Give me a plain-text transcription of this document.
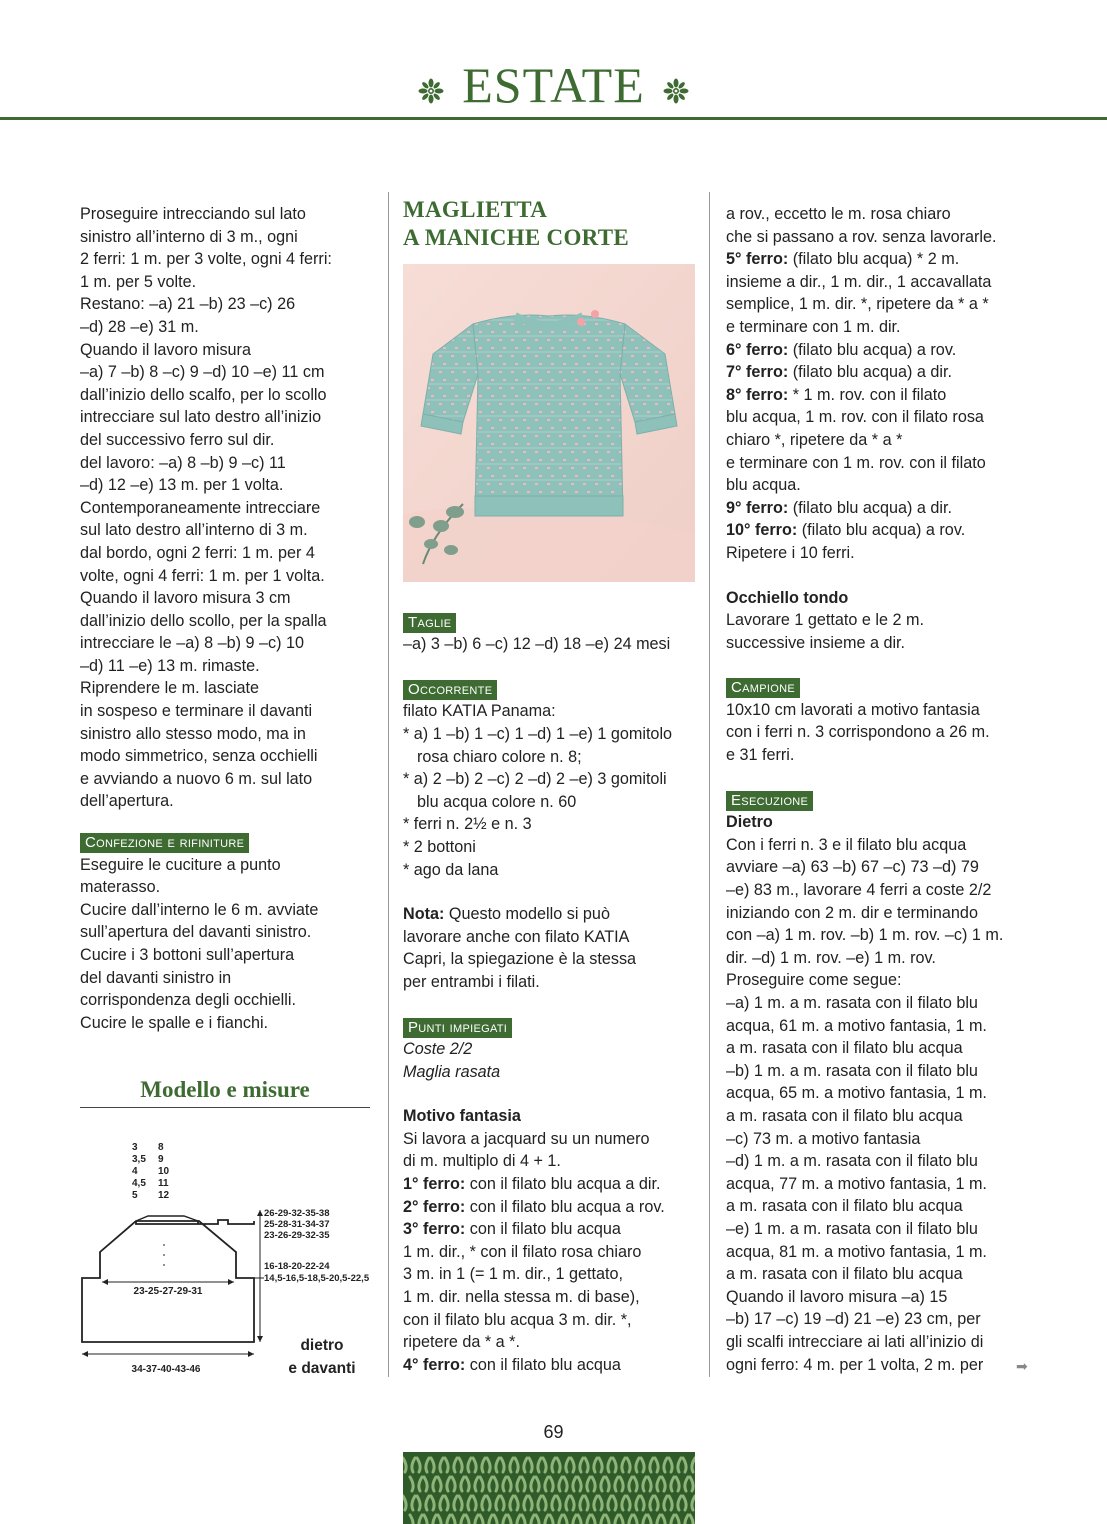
ESTATE

Proseguire intrecciando sul lato

sinistro all’interno di 3 m., ogni

2 ferri: 1 m. per 3 volte, ogni 4 ferri:

1 m. per 5 volte.

Restano: –a) 21 –b) 23 –c) 26

–d) 28 –e) 31 m.

Quando il lavoro misura

–a) 7 –b) 8 –c) 9 –d) 10 –e) 11 cm

dall’inizio dello scalfo, per lo scollo

intrecciare sul lato destro all’inizio

del successivo ferro sul dir.

del lavoro: –a) 8 –b) 9 –c) 11

–d) 12 –e) 13 m. per 1 volta.

Contemporaneamente intrecciare

sul lato destro all’interno di 3 m.

dal bordo, ogni 2 ferri: 1 m. per 4

volte, ogni 4 ferri: 1 m. per 1 volta.

Quando il lavoro misura 3 cm

dall’inizio dello scollo, per la spalla

intrecciare le –a) 8 –b) 9 –c) 10

–d) 11 –e) 13 m. rimaste.

Riprendere le m. lasciate

in sospeso e terminare il davanti

sinistro allo stesso modo, ma in

modo simmetrico, senza occhielli

e avviando a nuovo 6 m. sul lato

dell’apertura.

Confezione e rifiniture

Eseguire le cuciture a punto

materasso.

Cucire dall’interno le 6 m. avviate

sull’apertura del davanti sinistro.

Cucire i 3 bottoni sull’apertura

del davanti sinistro in

corrispondenza degli occhielli.

Cucire le spalle e i fianchi.

Modello e misure
3 8
3,5 9
4 10
4,5 11
5 12
23-25-27-29-31
34-37-40-43-46
26-29-32-35-38
25-28-31-34-37
23-26-29-32-35
16-18-20-22-24
14,5-16,5-18,5-20,5-22,5
dietro
e davanti
MAGLIETTA
A MANICHE CORTE
Taglie

–a) 3 –b) 6 –c) 12 –d) 18 –e) 24 mesi

Occorrente

filato KATIA Panama:

* a) 1 –b) 1 –c) 1 –d) 1 –e) 1 gomitolo

rosa chiaro colore n. 8;

* a) 2 –b) 2 –c) 2 –d) 2 –e) 3 gomitoli

blu acqua colore n. 60

* ferri n. 2½ e n. 3

* 2 bottoni

* ago da lana

Nota: Questo modello si può

lavorare anche con filato KATIA

Capri, la spiegazione è la stessa

per entrambi i filati.

Punti impiegati

Coste 2/2

Maglia rasata

Motivo fantasia

Si lavora a jacquard su un numero

di m. multiplo di 4 + 1.

1° ferro: con il filato blu acqua a dir.

2° ferro: con il filato blu acqua a rov.

3° ferro: con il filato blu acqua

1 m. dir., * con il filato rosa chiaro

3 m. in 1 (= 1 m. dir., 1 gettato,

1 m. dir. nella stessa m. di base),

con il filato blu acqua 3 m. dir. *,

ripetere da * a *.

4° ferro: con il filato blu acqua

a rov., eccetto le m. rosa chiaro

che si passano a rov. senza lavorarle.

5° ferro: (filato blu acqua) * 2 m.

insieme a dir., 1 m. dir., 1 accavallata

semplice, 1 m. dir. *, ripetere da * a *

e terminare con 1 m. dir.

6° ferro: (filato blu acqua) a rov.

7° ferro: (filato blu acqua) a dir.

8° ferro: * 1 m. rov. con il filato

blu acqua, 1 m. rov. con il filato rosa

chiaro *, ripetere da * a *

e terminare con 1 m. rov. con il filato

blu acqua.

9° ferro: (filato blu acqua) a dir.

10° ferro: (filato blu acqua) a rov.

Ripetere i 10 ferri.

Occhiello tondo

Lavorare 1 gettato e le 2 m.

successive insieme a dir.

Campione

10x10 cm lavorati a motivo fantasia

con i ferri n. 3 corrispondono a 26 m.

e 31 ferri.

Esecuzione

Dietro

Con i ferri n. 3 e il filato blu acqua

avviare –a) 63 –b) 67 –c) 73 –d) 79

–e) 83 m., lavorare 4 ferri a coste 2/2

iniziando con 2 m. dir e terminando

con –a) 1 m. rov. –b) 1 m. rov. –c) 1 m.

dir. –d) 1 m. rov. –e) 1 m. rov.

Proseguire come segue:

–a) 1 m. a m. rasata con il filato blu

acqua, 61 m. a motivo fantasia, 1 m.

a m. rasata con il filato blu acqua

–b) 1 m. a m. rasata con il filato blu

acqua, 65 m. a motivo fantasia, 1 m.

a m. rasata con il filato blu acqua

–c) 73 m. a motivo fantasia

–d) 1 m. a m. rasata con il filato blu

acqua, 77 m. a motivo fantasia, 1 m.

a m. rasata con il filato blu acqua

–e) 1 m. a m. rasata con il filato blu

acqua, 81 m. a motivo fantasia, 1 m.

a m. rasata con il filato blu acqua

Quando il lavoro misura –a) 15

–b) 17 –c) 19 –d) 21 –e) 23 cm, per

gli scalfi intrecciare ai lati all’inizio di

ogni ferro: 4 m. per 1 volta, 2 m. per	➡
69
